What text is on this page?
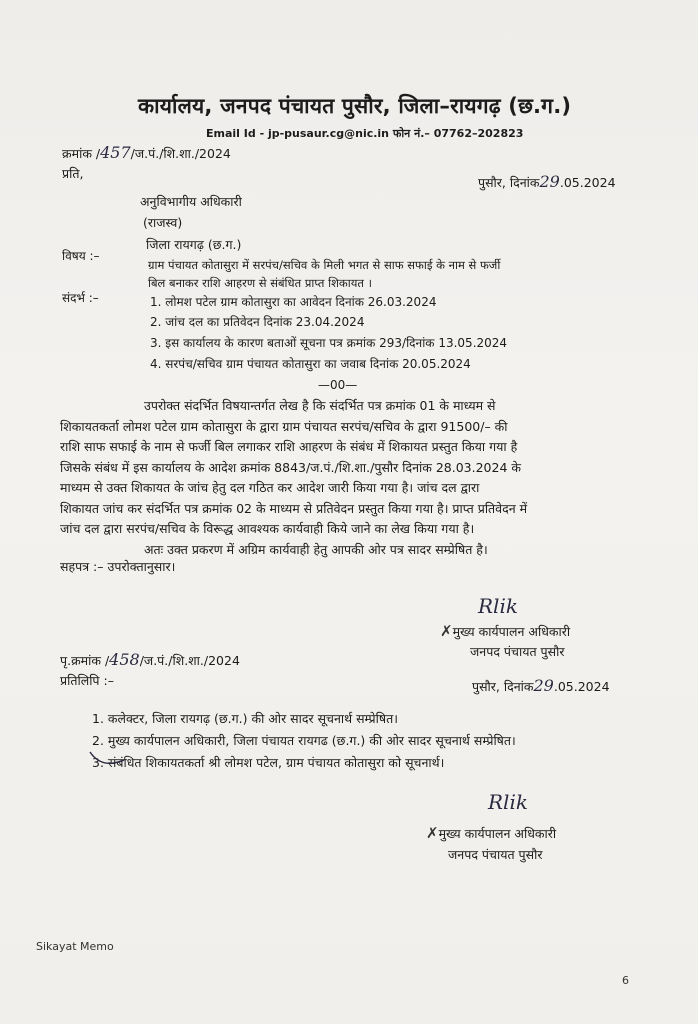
कार्यालय, जनपद पंचायत पुसौर, जिला–रायगढ़ (छ.ग.)
Email Id - jp-pusaur.cg@nic.in फोन नं.– 07762–202823
क्रमांक /457/ज.पं./शि.शा./2024
प्रति,
पुसौर, दिनांक29.05.2024
अनुविभागीय अधिकारी
(राजस्व)
जिला रायगढ़ (छ.ग.)
विषय :–
ग्राम पंचायत कोतासुरा में सरपंच/सचिव के मिली भगत से साफ सफाई के नाम से फर्जी
बिल बनाकर राशि आहरण से संबंधित प्राप्त शिकायत ।
संदर्भ :–	1. लोमश पटेल ग्राम कोतासुरा का आवेदन दिनांक 26.03.2024
2. जांच दल का प्रतिवेदन दिनांक 23.04.2024
3. इस कार्यालय के कारण बताओं सूचना पत्र क्रमांक 293/दिनांक 13.05.2024
4. सरपंच/सचिव ग्राम पंचायत कोतासुरा का जवाब दिनांक 20.05.2024
—00—
उपरोक्त संदर्भित विषयान्तर्गत लेख है कि संदर्भित पत्र क्रमांक 01 के माध्यम से
शिकायतकर्ता लोमश पटेल ग्राम कोतासुरा के द्वारा ग्राम पंचायत सरपंच/सचिव के द्वारा 91500/– की
राशि साफ सफाई के नाम से फर्जी बिल लगाकर राशि आहरण के संबंध में शिकायत प्रस्तुत किया गया है
जिसके संबंध में इस कार्यालय के आदेश क्रमांक 8843/ज.पं./शि.शा./पुसौर दिनांक 28.03.2024 के
माध्यम से उक्त शिकायत के जांच हेतु दल गठित कर आदेश जारी किया गया है। जांच दल द्वारा
शिकायत जांच कर संदर्भित पत्र क्रमांक 02 के माध्यम से प्रतिवेदन प्रस्तुत किया गया है। प्राप्त प्रतिवेदन में
जांच दल द्वारा सरपंच/सचिव के विरूद्ध आवश्यक कार्यवाही किये जाने का लेख किया गया है।
अतः उक्त प्रकरण में अग्रिम कार्यवाही हेतु आपकी ओर पत्र सादर सम्प्रेषित है।
सहपत्र :– उपरोक्तानुसार।
Rlik
✗मुख्य कार्यपालन अधिकारी
जनपद पंचायत पुसौर
पृ.क्रमांक /458/ज.पं./शि.शा./2024
प्रतिलिपि :–	पुसौर, दिनांक29.05.2024
1. कलेक्टर, जिला रायगढ़ (छ.ग.) की ओर सादर सूचनार्थ सम्प्रेषित।
2. मुख्य कार्यपालन अधिकारी, जिला पंचायत रायगढ (छ.ग.) की ओर सादर सूचनार्थ सम्प्रेषित।
3. संबंधित शिकायतकर्ता श्री लोमश पटेल, ग्राम पंचायत कोतासुरा को सूचनार्थ।
Rlik
✗मुख्य कार्यपालन अधिकारी
जनपद पंचायत पुसौर
Sikayat Memo
6
